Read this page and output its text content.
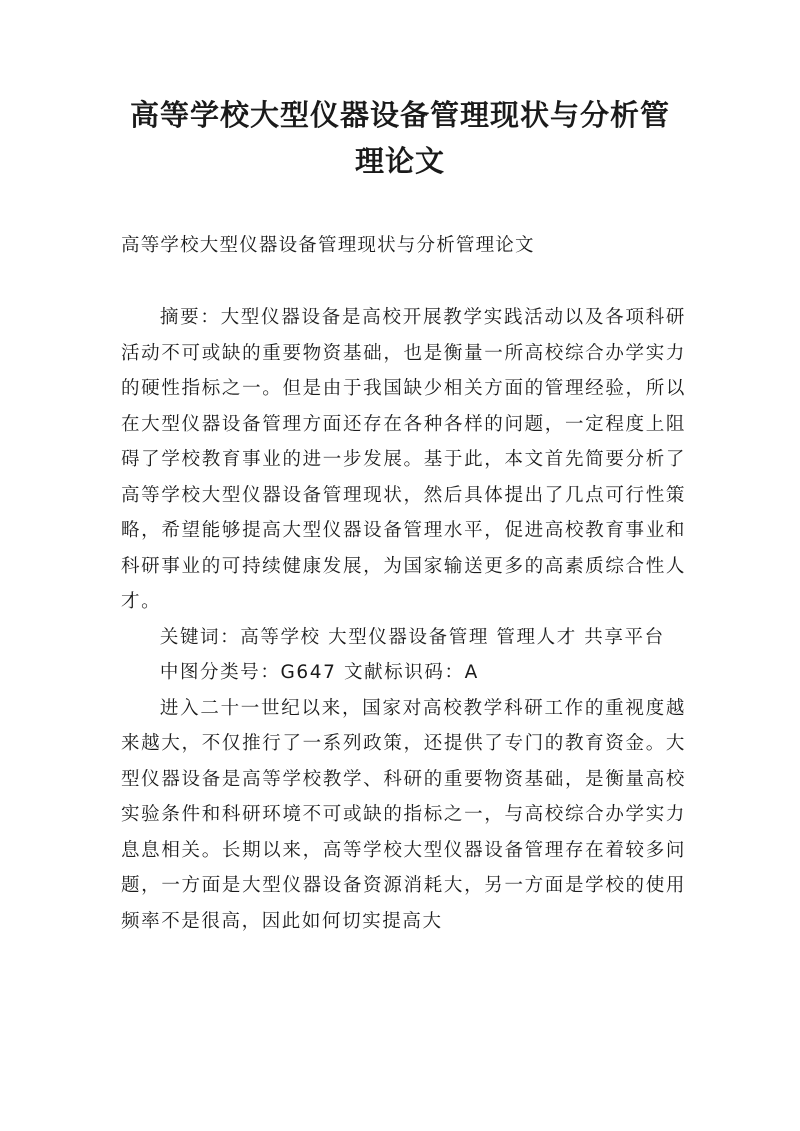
高等学校大型仪器设备管理现状与分析管
理论文

高等学校大型仪器设备管理现状与分析管理论文

摘要：大型仪器设备是高校开展教学实践活动以及各项科研活动不可或缺的重要物资基础，也是衡量一所高校综合办学实力的硬性指标之一。但是由于我国缺少相关方面的管理经验，所以在大型仪器设备管理方面还存在各种各样的问题，一定程度上阻碍了学校教育事业的进一步发展。基于此，本文首先简要分析了高等学校大型仪器设备管理现状，然后具体提出了几点可行性策略，希望能够提高大型仪器设备管理水平，促进高校教育事业和科研事业的可持续健康发展，为国家输送更多的高素质综合性人才。

关键词：高等学校 大型仪器设备管理 管理人才 共享平台

中图分类号：G647 文献标识码：A

进入二十一世纪以来，国家对高校教学科研工作的重视度越来越大，不仅推行了一系列政策，还提供了专门的教育资金。大型仪器设备是高等学校教学、科研的重要物资基础，是衡量高校实验条件和科研环境不可或缺的指标之一，与高校综合办学实力息息相关。长期以来，高等学校大型仪器设备管理存在着较多问题，一方面是大型仪器设备资源消耗大，另一方面是学校的使用频率不是很高，因此如何切实提高大
